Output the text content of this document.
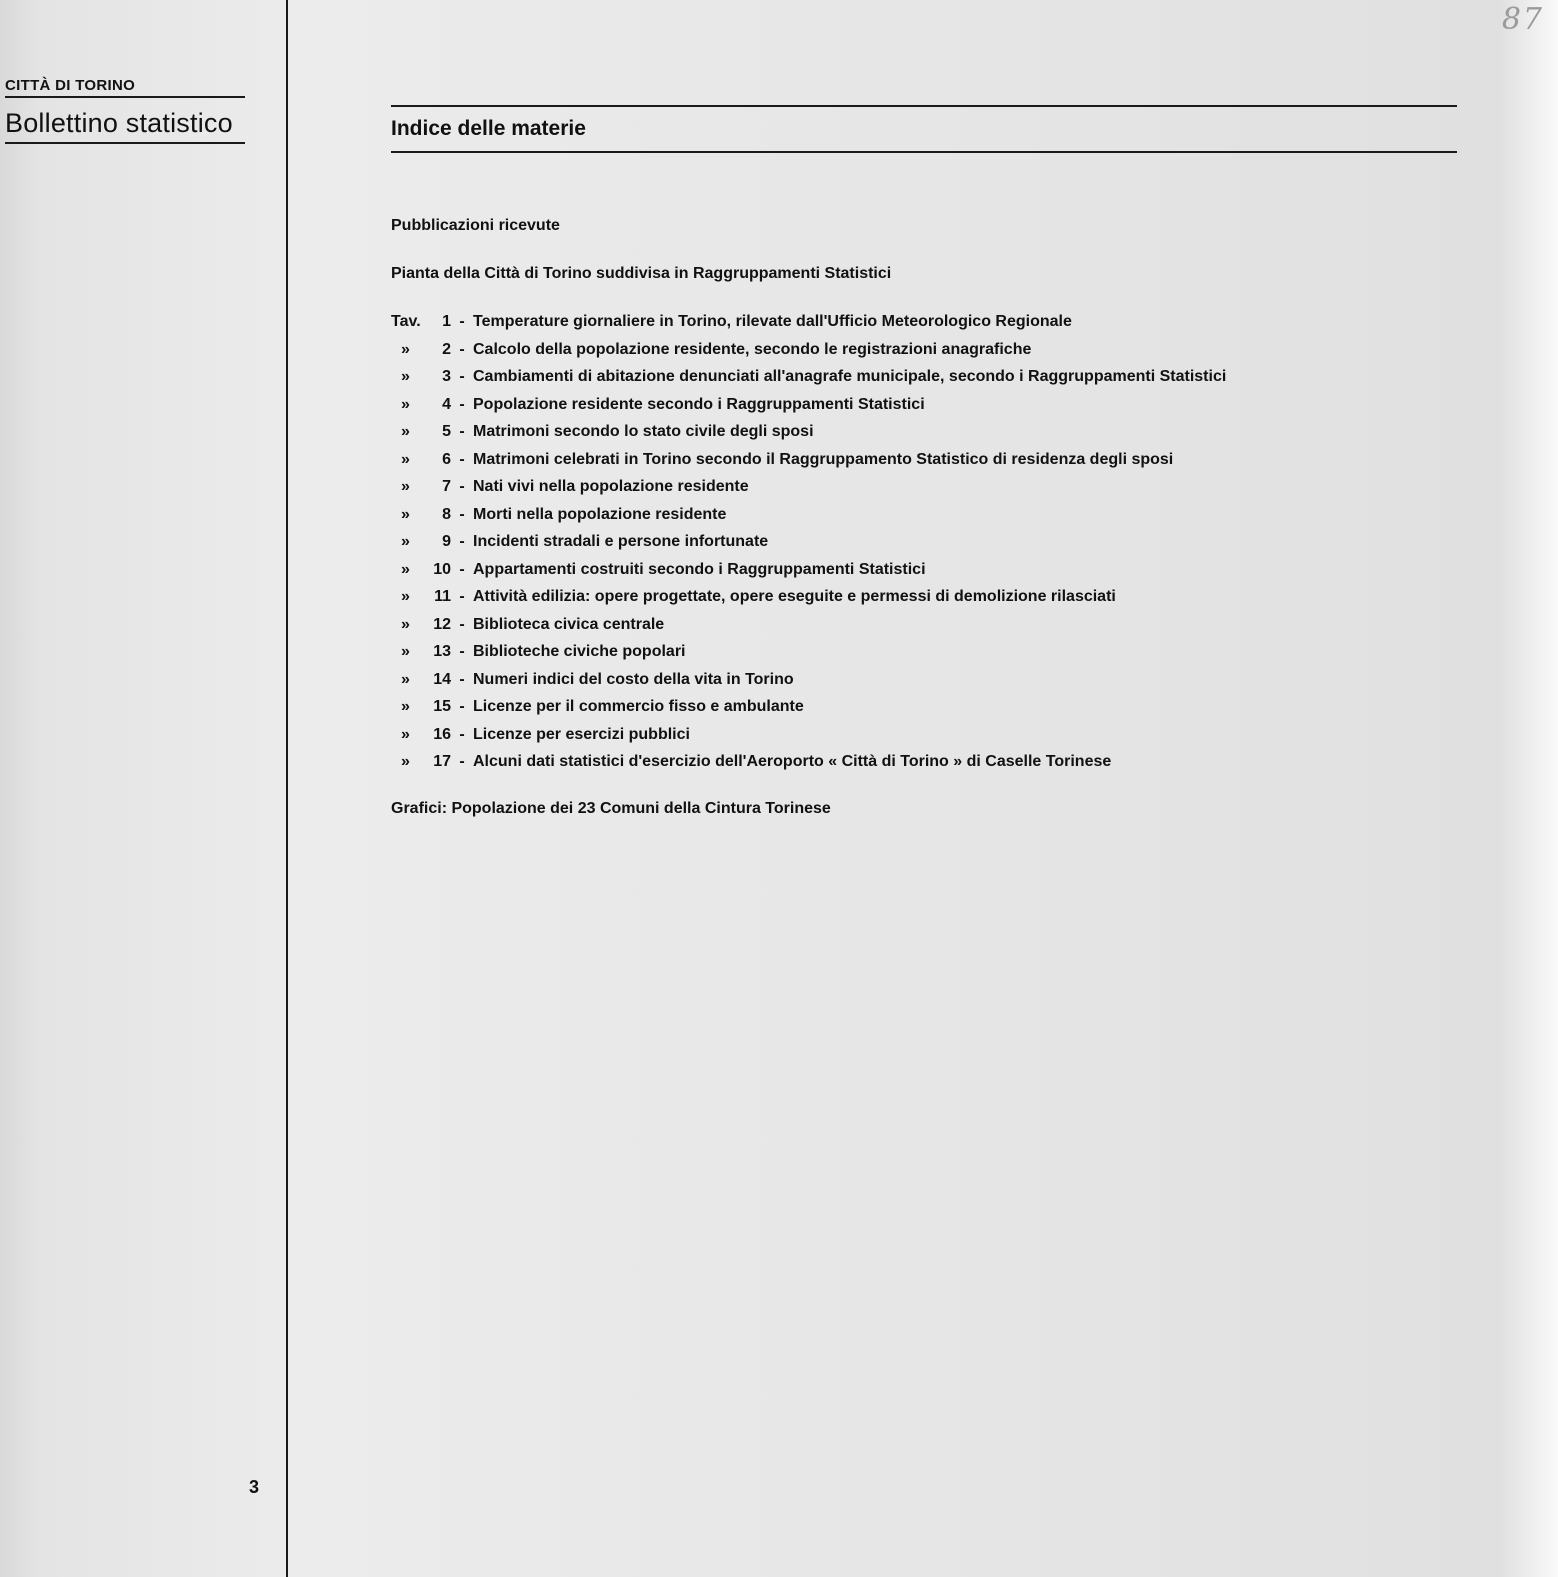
87
CITTÀ DI TORINO
Bollettino statistico
3
Indice delle materie
Pubblicazioni ricevute
Pianta della Città di Torino suddivisa in Raggruppamenti Statistici
Tav.	1 - Temperature giornaliere in Torino, rilevate dall'Ufficio Meteorologico Regionale
»	2 - Calcolo della popolazione residente, secondo le registrazioni anagrafiche
»	3 - Cambiamenti di abitazione denunciati all'anagrafe municipale, secondo i Raggruppamenti Statistici
»	4 - Popolazione residente secondo i Raggruppamenti Statistici
»	5 - Matrimoni secondo lo stato civile degli sposi
»	6 - Matrimoni celebrati in Torino secondo il Raggruppamento Statistico di residenza degli sposi
»	7 - Nati vivi nella popolazione residente
»	8 - Morti nella popolazione residente
»	9 - Incidenti stradali e persone infortunate
»	10 - Appartamenti costruiti secondo i Raggruppamenti Statistici
»	11 - Attività edilizia: opere progettate, opere eseguite e permessi di demolizione rilasciati
»	12 - Biblioteca civica centrale
»	13 - Biblioteche civiche popolari
»	14 - Numeri indici del costo della vita in Torino
»	15 - Licenze per il commercio fisso e ambulante
»	16 - Licenze per esercizi pubblici
»	17 - Alcuni dati statistici d'esercizio dell'Aeroporto « Città di Torino » di Caselle Torinese
Grafici: Popolazione dei 23 Comuni della Cintura Torinese
